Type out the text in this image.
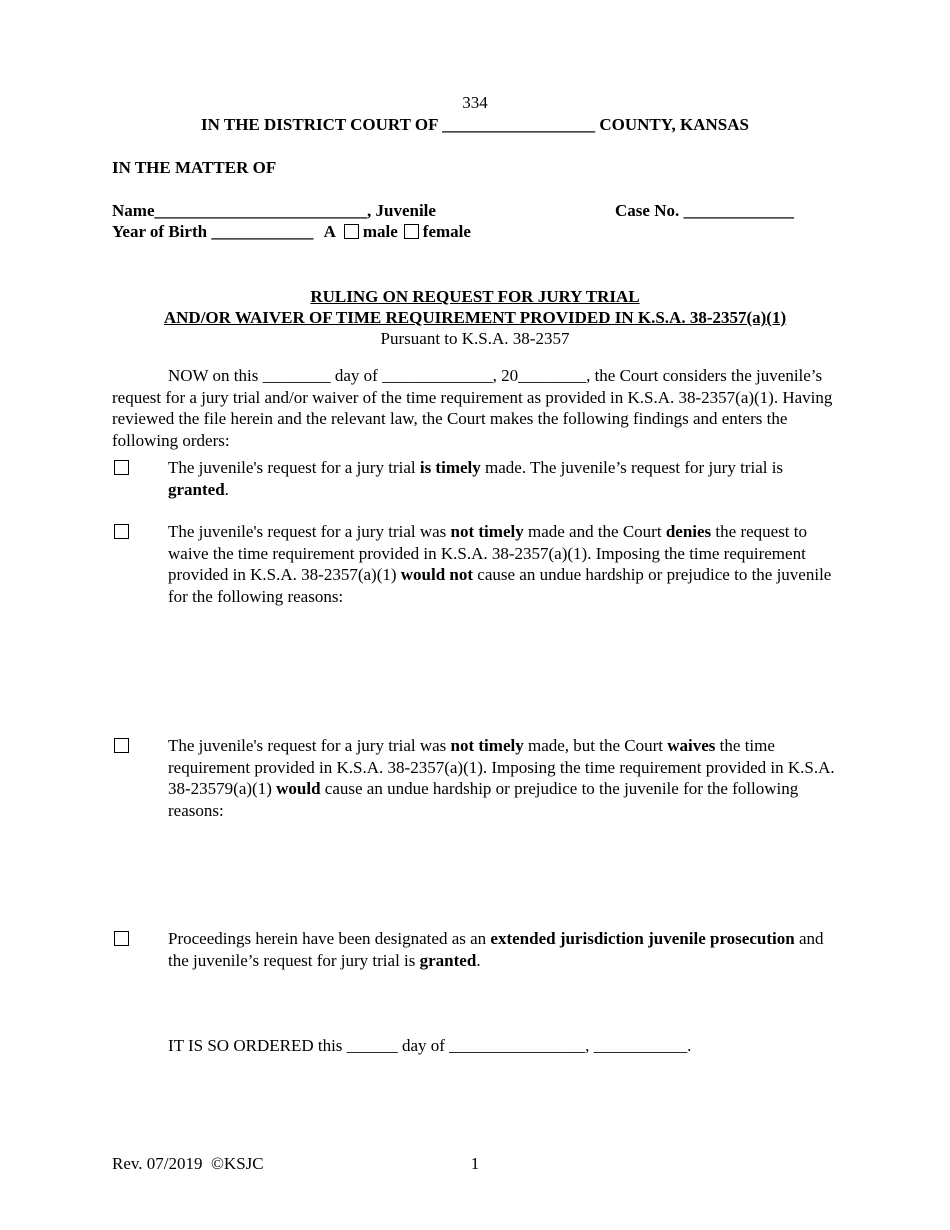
334
IN THE DISTRICT COURT OF __________________ COUNTY, KANSAS
IN THE MATTER OF
Name_________________________, Juvenile	Case No. _____________
Year of Birth ____________ A male female
RULING ON REQUEST FOR JURY TRIAL
AND/OR WAIVER OF TIME REQUIREMENT PROVIDED IN K.S.A. 38-2357(a)(1)
Pursuant to K.S.A. 38-2357
NOW on this ________ day of _____________, 20________, the Court considers the juvenile’s request for a jury trial and/or waiver of the time requirement as provided in K.S.A. 38-2357(a)(1). Having reviewed the file herein and the relevant law, the Court makes the following findings and enters the following orders:
The juvenile's request for a jury trial is timely made. The juvenile’s request for jury trial is granted.
The juvenile's request for a jury trial was not timely made and the Court denies the request to waive the time requirement provided in K.S.A. 38-2357(a)(1). Imposing the time requirement provided in K.S.A. 38-2357(a)(1) would not cause an undue hardship or prejudice to the juvenile for the following reasons:
The juvenile's request for a jury trial was not timely made, but the Court waives the time requirement provided in K.S.A. 38-2357(a)(1). Imposing the time requirement provided in K.S.A. 38-23579(a)(1) would cause an undue hardship or prejudice to the juvenile for the following reasons:
Proceedings herein have been designated as an extended jurisdiction juvenile prosecution and the juvenile’s request for jury trial is granted.
IT IS SO ORDERED this ______ day of ________________, ___________.
Rev. 07/2019  ©KSJC	1
